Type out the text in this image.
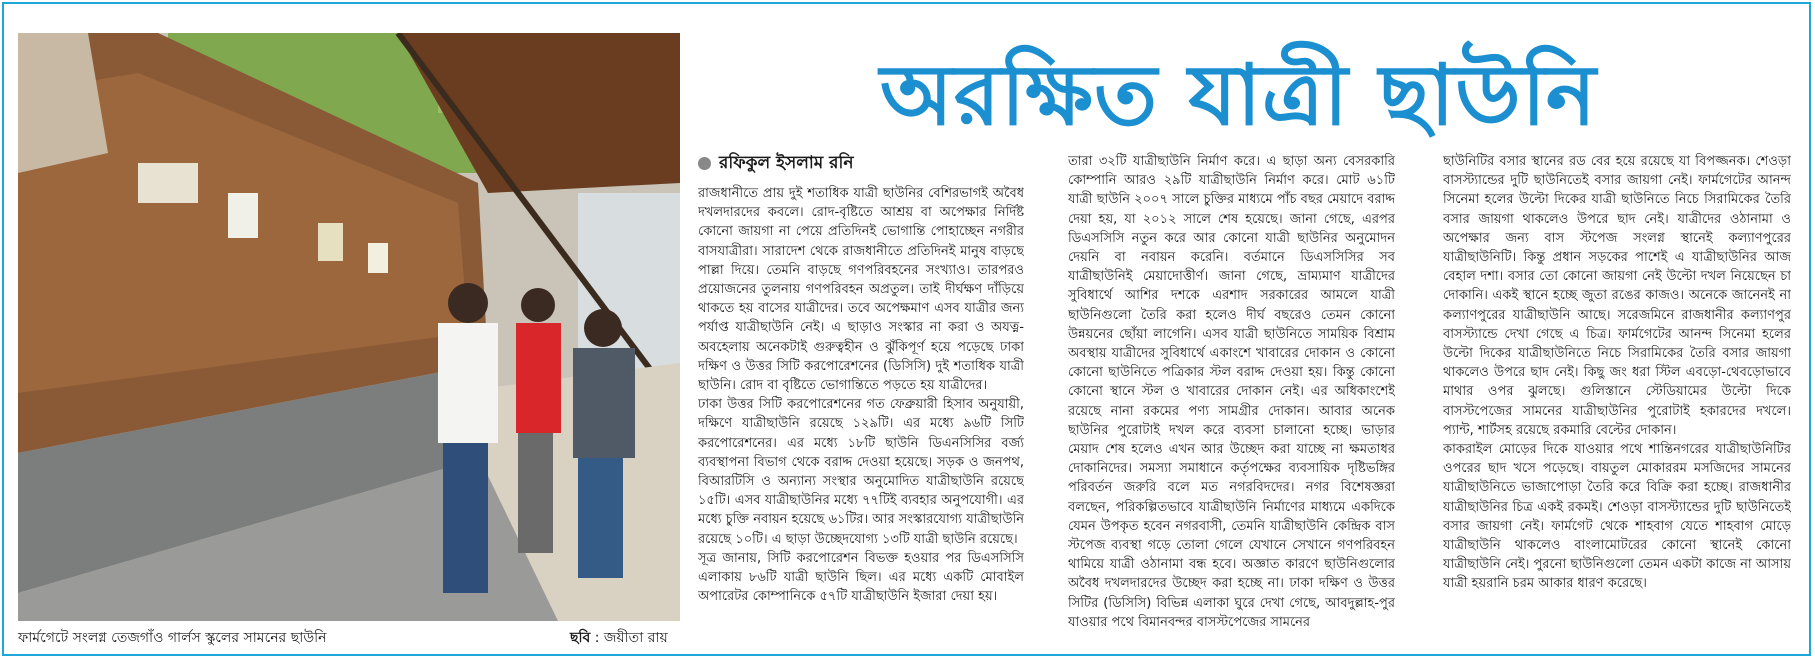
ফার্মগেটে সংলগ্ন তেজগাঁও গার্লস স্কুলের সামনের ছাউনি	ছবি : জয়ীতা রায়
অরক্ষিত যাত্রী ছাউনি
রফিকুল ইসলাম রনি

রাজধানীতে প্রায় দুই শতাধিক যাত্রী ছাউনির বেশিরভাগই অবৈধ দখলদারদের কবলে। রোদ-বৃষ্টিতে আশ্রয় বা অপেক্ষার নির্দিষ্ট কোনো জায়গা না পেয়ে প্রতিদিনই ভোগান্তি পোহাচ্ছেন নগরীর বাসযাত্রীরা। সারাদেশ থেকে রাজধানীতে প্রতিদিনই মানুষ বাড়ছে পাল্লা দিয়ে। তেমনি বাড়ছে গণপরিবহনের সংখ্যাও। তারপরও প্রয়োজনের তুলনায় গণপরিবহন অপ্রতুল। তাই দীর্ঘক্ষণ দাঁড়িয়ে থাকতে হয় বাসের যাত্রীদের। তবে অপেক্ষমাণ এসব যাত্রীর জন্য পর্যাপ্ত যাত্রীছাউনি নেই। এ ছাড়াও সংস্কার না করা ও অযত্ন-অবহেলায় অনেকটাই গুরুত্বহীন ও ঝুঁকিপূর্ণ হয়ে পড়েছে ঢাকা দক্ষিণ ও উত্তর সিটি করপোরেশনের (ডিসিসি) দুই শতাধিক যাত্রী ছাউনি। রোদ বা বৃষ্টিতে ভোগান্তিতে পড়তে হয় যাত্রীদের।

ঢাকা উত্তর সিটি করপোরেশনের গত ফেব্রুয়ারী হিসাব অনুযায়ী, দক্ষিণে যাত্রীছাউনি রয়েছে ১২৯টি। এর মধ্যে ৯৬টি সিটি করপোরেশনের। এর মধ্যে ১৮টি ছাউনি ডিএনসিসির বর্জ্য ব্যবস্থাপনা বিভাগ থেকে বরাদ্দ দেওয়া হয়েছে। সড়ক ও জনপথ, বিআরটিসি ও অন্যান্য সংস্থার অনুমোদিত যাত্রীছাউনি রয়েছে ১৫টি। এসব যাত্রীছাউনির মধ্যে ৭৭টিই ব্যবহার অনুপযোগী। এর মধ্যে চুক্তি নবায়ন হয়েছে ৬১টির। আর সংস্কারযোগ্য যাত্রীছাউনি রয়েছে ১০টি। এ ছাড়া উচ্ছেদযোগ্য ১৩টি যাত্রী ছাউনি রয়েছে।

সূত্র জানায়, সিটি করপোরেশন বিভক্ত হওয়ার পর ডিএসসিসি এলাকায় ৮৬টি যাত্রী ছাউনি ছিল। এর মধ্যে একটি মোবাইল অপারেটর কোম্পানিকে ৫৭টি যাত্রীছাউনি ইজারা দেয়া হয়।

তারা ৩২টি যাত্রীছাউনি নির্মাণ করে। এ ছাড়া অন্য বেসরকারি কোম্পানি আরও ২৯টি যাত্রীছাউনি নির্মাণ করে। মোট ৬১টি যাত্রী ছাউনি ২০০৭ সালে চুক্তির মাধ্যমে পাঁচ বছর মেয়াদে বরাদ্দ দেয়া হয়, যা ২০১২ সালে শেষ হয়েছে। জানা গেছে, এরপর ডিএসসিসি নতুন করে আর কোনো যাত্রী ছাউনির অনুমোদন দেয়নি বা নবায়ন করেনি। বর্তমানে ডিএসসিসির সব যাত্রীছাউনিই মেয়াদোত্তীর্ণ। জানা গেছে, ভ্রাম্যমাণ যাত্রীদের সুবিধার্থে আশির দশকে এরশাদ সরকারের আমলে যাত্রী ছাউনিগুলো তৈরি করা হলেও দীর্ঘ বছরেও তেমন কোনো উন্নয়নের ছোঁয়া লাগেনি। এসব যাত্রী ছাউনিতে সাময়িক বিশ্রাম অবস্থায় যাত্রীদের সুবিধার্থে একাংশে খাবারের দোকান ও কোনো কোনো ছাউনিতে পত্রিকার স্টল বরাদ্দ দেওয়া হয়। কিন্তু কোনো কোনো স্থানে স্টল ও খাবারের দোকান নেই। এর অধিকাংশেই রয়েছে নানা রকমের পণ্য সামগ্রীর দোকান। আবার অনেক ছাউনির পুরোটাই দখল করে ব্যবসা চালানো হচ্ছে। ভাড়ার মেয়াদ শেষ হলেও এখন আর উচ্ছেদ করা যাচ্ছে না ক্ষমতাধর দোকানিদের। সমস্যা সমাধানে কর্তৃপক্ষের ব্যবসায়িক দৃষ্টিভঙ্গির পরিবর্তন জরুরি বলে মত নগরবিদদের। নগর বিশেষজ্ঞরা বলছেন, পরিকল্পিতভাবে যাত্রীছাউনি নির্মাণের মাধ্যমে একদিকে যেমন উপকৃত হবেন নগরবাসী, তেমনি যাত্রীছাউনি কেন্দ্রিক বাস স্টপেজ ব্যবস্থা গড়ে তোলা গেলে যেখানে সেখানে গণপরিবহন থামিয়ে যাত্রী ওঠানামা বন্ধ হবে। অজ্ঞাত কারণে ছাউনিগুলোর অবৈধ দখলদারদের উচ্ছেদ করা হচ্ছে না। ঢাকা দক্ষিণ ও উত্তর সিটির (ডিসিসি) বিভিন্ন এলাকা ঘুরে দেখা গেছে, আবদুল্লাহ-পুর যাওয়ার পথে বিমানবন্দর বাসস্টপেজের সামনের

ছাউনিটির বসার স্থানের রড বের হয়ে রয়েছে যা বিপজ্জনক। শেওড়া বাসস্ট্যান্ডের দুটি ছাউনিতেই বসার জায়গা নেই। ফার্মগেটের আনন্দ সিনেমা হলের উল্টো দিকের যাত্রী ছাউনিতে নিচে সিরামিকের তৈরি বসার জায়গা থাকলেও উপরে ছাদ নেই। যাত্রীদের ওঠানামা ও অপেক্ষার জন্য বাস স্টপেজ সংলগ্ন স্থানেই কল্যাণপুরের যাত্রীছাউনিটি। কিন্তু প্রধান সড়কের পাশেই এ যাত্রীছাউনির আজ বেহাল দশা। বসার তো কোনো জায়গা নেই উল্টো দখল নিয়েছেন চা দোকানি। একই স্থানে হচ্ছে জুতা রঙের কাজও। অনেকে জানেনই না কল্যাণপুরের যাত্রীছাউনি আছে। সরেজমিনে রাজধানীর কল্যাণপুর বাসস্ট্যান্ডে দেখা গেছে এ চিত্র। ফার্মগেটের আনন্দ সিনেমা হলের উল্টো দিকের যাত্রীছাউনিতে নিচে সিরামিকের তৈরি বসার জায়গা থাকলেও উপরে ছাদ নেই। কিছু জং ধরা স্টিল এবড়ো-থেবড়োভাবে মাথার ওপর ঝুলছে। গুলিস্তানে স্টেডিয়ামের উল্টো দিকে বাসস্টপেজের সামনের যাত্রীছাউনির পুরোটাই হকারদের দখলে। প্যান্ট, শার্টসহ রয়েছে রকমারি বেল্টের দোকান।

কাকরাইল মোড়ের দিকে যাওয়ার পথে শান্তিনগরের যাত্রীছাউনিটির ওপরের ছাদ খসে পড়েছে। বায়তুল মোকাররম মসজিদের সামনের যাত্রীছাউনিতে ভাজাপোড়া তৈরি করে বিক্রি করা হচ্ছে। রাজধানীর যাত্রীছাউনির চিত্র একই রকমই। শেওড়া বাসস্ট্যান্ডের দুটি ছাউনিতেই বসার জায়গা নেই। ফার্মগেট থেকে শাহবাগ যেতে শাহবাগ মোড়ে যাত্রীছাউনি থাকলেও বাংলামোটরের কোনো স্থানেই কোনো যাত্রীছাউনি নেই। পুরনো ছাউনিগুলো তেমন একটা কাজে না আসায় যাত্রী হয়রানি চরম আকার ধারণ করেছে।
